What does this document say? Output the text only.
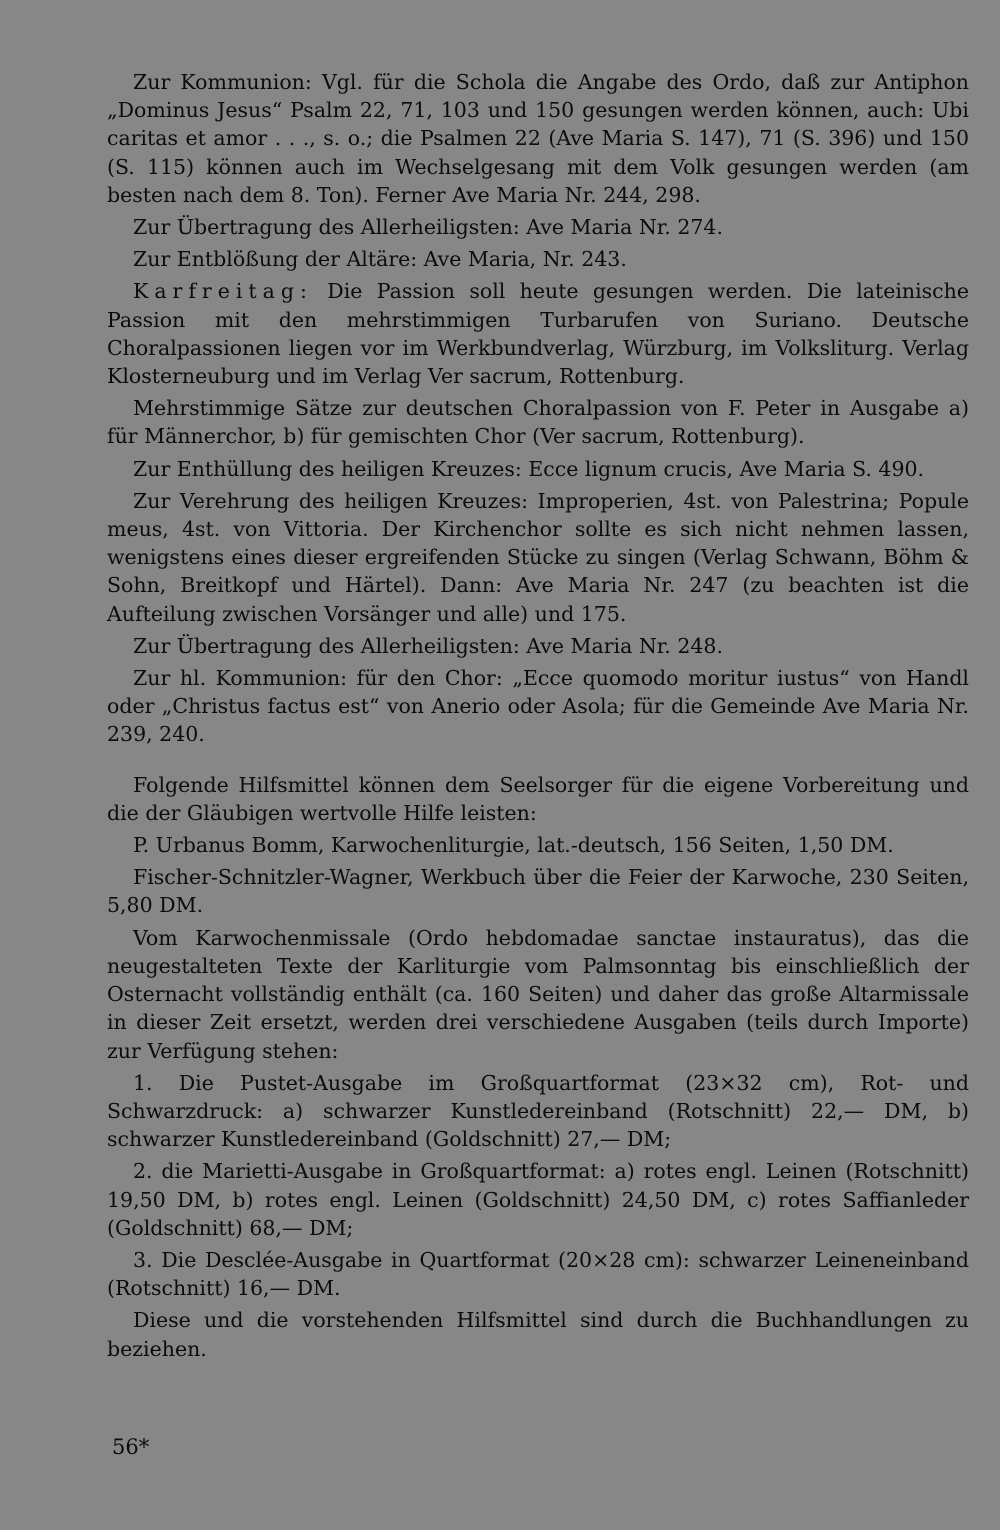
Zur Kommunion: Vgl. für die Schola die Angabe des Ordo, daß zur Antiphon „Dominus Jesus“ Psalm 22, 71, 103 und 150 gesungen werden können, auch: Ubi caritas et amor . . ., s. o.; die Psalmen 22 (Ave Maria S. 147), 71 (S. 396) und 150 (S. 115) können auch im Wechselgesang mit dem Volk gesungen werden (am besten nach dem 8. Ton). Ferner Ave Maria Nr. 244, 298.

Zur Übertragung des Allerheiligsten: Ave Maria Nr. 274.

Zur Entblößung der Altäre: Ave Maria, Nr. 243.

Karfreitag: Die Passion soll heute gesungen werden. Die lateinische Passion mit den mehrstimmigen Turbarufen von Suriano. Deutsche Choralpassionen liegen vor im Werkbundverlag, Würzburg, im Volksliturg. Verlag Klosterneuburg und im Verlag Ver sacrum, Rottenburg.

Mehrstimmige Sätze zur deutschen Choralpassion von F. Peter in Ausgabe a) für Männerchor, b) für gemischten Chor (Ver sacrum, Rottenburg).

Zur Enthüllung des heiligen Kreuzes: Ecce lignum crucis, Ave Maria S. 490.

Zur Verehrung des heiligen Kreuzes: Improperien, 4st. von Palestrina; Popule meus, 4st. von Vittoria. Der Kirchenchor sollte es sich nicht nehmen lassen, wenigstens eines dieser ergreifenden Stücke zu singen (Verlag Schwann, Böhm & Sohn, Breitkopf und Härtel). Dann: Ave Maria Nr. 247 (zu beachten ist die Aufteilung zwischen Vorsänger und alle) und 175.

Zur Übertragung des Allerheiligsten: Ave Maria Nr. 248.

Zur hl. Kommunion: für den Chor: „Ecce quomodo moritur iustus“ von Handl oder „Christus factus est“ von Anerio oder Asola; für die Gemeinde Ave Maria Nr. 239, 240.

Folgende Hilfsmittel können dem Seelsorger für die eigene Vorbereitung und die der Gläubigen wertvolle Hilfe leisten:

P. Urbanus Bomm, Karwochenliturgie, lat.-deutsch, 156 Seiten, 1,50 DM.

Fischer-Schnitzler-Wagner, Werkbuch über die Feier der Karwoche, 230 Seiten, 5,80 DM.

Vom Karwochenmissale (Ordo hebdomadae sanctae instauratus), das die neugestalteten Texte der Karliturgie vom Palmsonntag bis einschließlich der Osternacht vollständig enthält (ca. 160 Seiten) und daher das große Altarmissale in dieser Zeit ersetzt, werden drei verschiedene Ausgaben (teils durch Importe) zur Verfügung stehen:

1. Die Pustet-Ausgabe im Großquartformat (23×32 cm), Rot- und Schwarzdruck: a) schwarzer Kunstledereinband (Rotschnitt) 22,— DM, b) schwarzer Kunstledereinband (Goldschnitt) 27,— DM;

2. die Marietti-Ausgabe in Großquartformat: a) rotes engl. Leinen (Rotschnitt) 19,50 DM, b) rotes engl. Leinen (Goldschnitt) 24,50 DM, c) rotes Saffianleder (Goldschnitt) 68,— DM;

3. Die Desclée-Ausgabe in Quartformat (20×28 cm): schwarzer Leineneinband (Rotschnitt) 16,— DM.

Diese und die vorstehenden Hilfsmittel sind durch die Buchhandlungen zu beziehen.

56*
